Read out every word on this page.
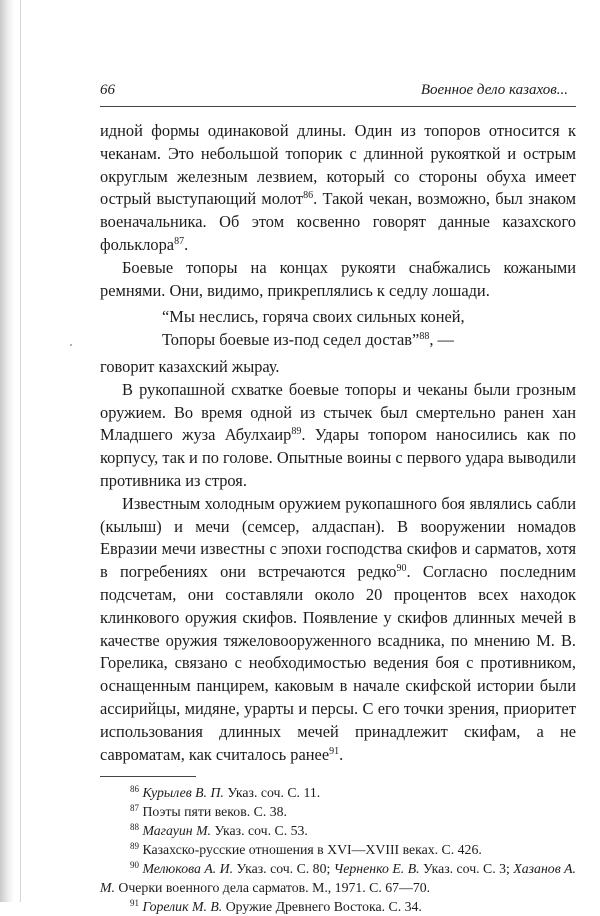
66	Военное дело казахов...

идной формы одинаковой длины. Один из топоров относится к чеканам. Это небольшой топорик с длинной рукояткой и острым округлым железным лезвием, который со стороны обуха имеет острый выступающий молот$^{86}$. Такой чекан, возможно, был знаком военачальника. Об этом косвенно говорят данные казахского фольклора$^{87}$.

Боевые топоры на концах рукояти снабжались кожаными ремнями. Они, видимо, прикреплялись к седлу лошади.

“Мы неслись, горяча своих сильных коней,
Топоры боевые из-под седел достав”$^{88}$, —

говорит казахский жырау.

В рукопашной схватке боевые топоры и чеканы были грозным оружием. Во время одной из стычек был смертельно ранен хан Младшего жуза Абулхаир$^{89}$. Удары топором наносились как по корпусу, так и по голове. Опытные воины с первого удара выводили противника из строя.

Известным холодным оружием рукопашного боя являлись сабли (кылыш) и мечи (семсер, алдаспан). В вооружении номадов Евразии мечи известны с эпохи господства скифов и сарматов, хотя в погребениях они встречаются редко$^{90}$. Согласно последним подсчетам, они составляли около 20 процентов всех находок клинкового оружия скифов. Появление у скифов длинных мечей в качестве оружия тяжеловооруженного всадника, по мнению М. В. Горелика, связано с необходимостью ведения боя с противником, оснащенным панцирем, каковым в начале скифской истории были ассирийцы, мидяне, урарты и персы. С его точки зрения, приоритет использования длинных мечей принадлежит скифам, а не савроматам, как считалось ранее$^{91}$.

$^{86}$ Курылев В. П. Указ. соч. С. 11.
$^{87}$ Поэты пяти веков. С. 38.
$^{88}$ Магауин М. Указ. соч. С. 53.
$^{89}$ Казахско-русские отношения в XVI—XVIII веках. С. 426.
$^{90}$ Мелюкова А. И. Указ. соч. С. 80; Черненко Е. В. Указ. соч. С. 3; Хазанов А. М. Очерки военного дела сарматов. М., 1971. С. 67—70.
$^{91}$ Горелик М. В. Оружие Древнего Востока. С. 34.
